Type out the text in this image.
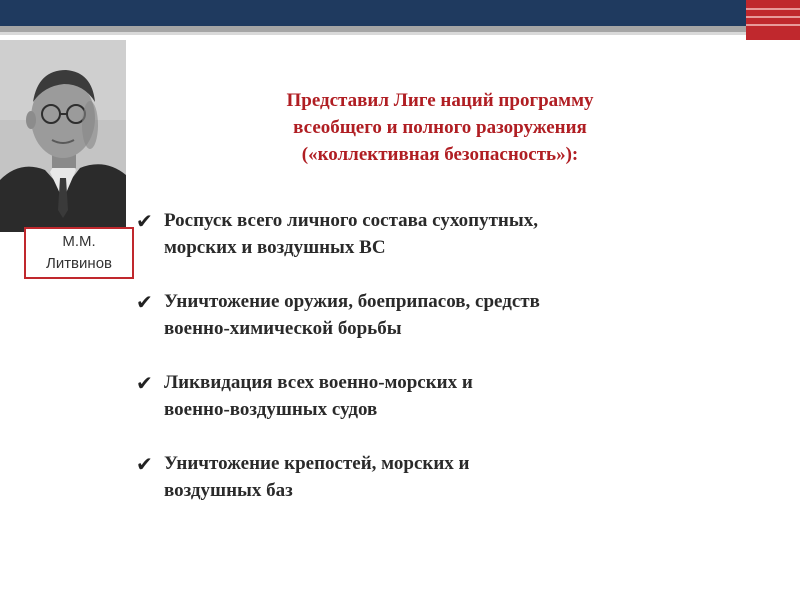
М.М.
Литвинов
Представил Лиге наций программу
всеобщего и полного разоружения
(«коллективная безопасность»):
✔ Роспуск всего личного состава сухопутных,
морских и воздушных ВС
✔ Уничтожение оружия, боеприпасов, средств
военно-химической борьбы
✔ Ликвидация всех военно-морских и
военно-воздушных судов
✔ Уничтожение крепостей, морских и
воздушных баз
